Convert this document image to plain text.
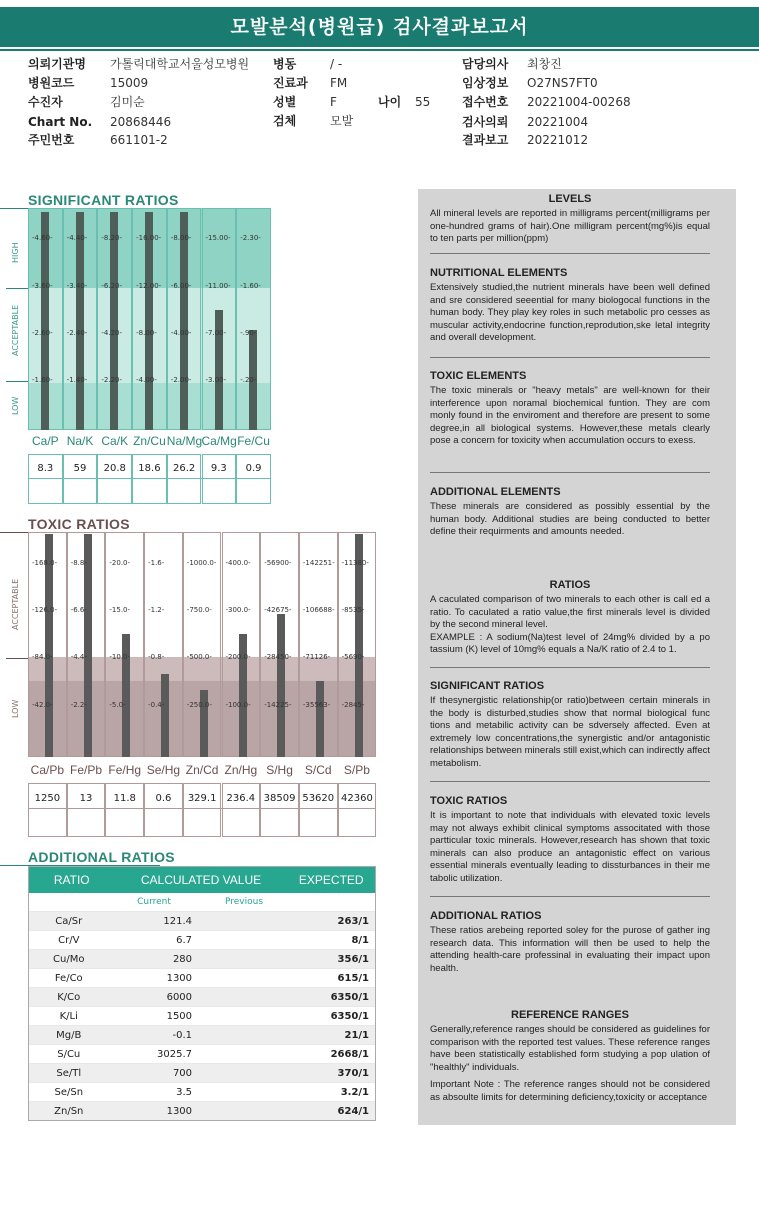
모발분석(병원급) 검사결과보고서
의뢰기관명 가톨릭대학교서울성모병원
병원코드	15009
수진자	김미순
Chart No. 20868446
주민번호	661101-2
병동	/ -
진료과 FM
성별	F	나이 55
검체	모발
담당의사 최창진
임상정보 O27NS7FT0
접수번호 20221004-00268
검사의뢰 20221004
결과보고 20221012
SIGNIFICANT RATIOS
HIGH
ACCEPTABLE
LOW
-4.60-
-3.60-
-2.60-
-1.60-
Ca/P
8.3
-4.40-
-3.40-
-2.40-
-1.40-
Na/K
59
-8.20-
-6.20-
-4.20-
-2.20-
Ca/K
20.8
-16.00-
-12.00-
-8.00-
-4.00-
Zn/Cu
18.6
-8.00-
-6.00-
-4.00-
-2.00-
Na/Mg
26.2
-15.00-
-11.00-
-7.00-
-3.00-
Ca/Mg
9.3
-2.30-
-1.60-
-.90-
-.20-
Fe/Cu
0.9
TOXIC RATIOS
ACCEPTABLE
LOW
-168.0-
-126.0-
-84.0-
-42.0-
Ca/Pb
1250
-8.8-
-6.6-
-4.4-
-2.2-
Fe/Pb
13
-20.0-
-15.0-
-10.0-
-5.0-
Fe/Hg
11.8
-1.6-
-1.2-
-0.8-
-0.4-
Se/Hg
0.6
-1000.0-
-750.0-
-500.0-
-250.0-
Zn/Cd
329.1
-400.0-
-300.0-
-200.0-
-100.0-
Zn/Hg
236.4
-56900-
-42675-
-28450-
-14225-
S/Hg
38509
-142251-
-106688-
-71126-
-35563-
S/Cd
53620
-11380-
-8535-
-5690-
-2845-
S/Pb
42360
ADDITIONAL RATIOS
RATIO	CALCULATED VALUE	EXPECTED
Current	Previous
Ca/Sr	121.4	263/1
Cr/V	6.7	8/1
Cu/Mo	280	356/1
Fe/Co	1300	615/1
K/Co	6000	6350/1
K/Li	1500	6350/1
Mg/B	-0.1	21/1
S/Cu	3025.7	2668/1
Se/Tl	700	370/1
Se/Sn	3.5	3.2/1
Zn/Sn	1300	624/1
LEVELS
All mineral levels are reported in milligrams percent(milligrams per one-hundred grams of hair).One milligram percent(mg%)is equal to ten parts per million(ppm)
NUTRITIONAL ELEMENTS
Extensively studied,the nutrient minerals have been well defined and sre considered seeential for many biologocal functions in the human body. They play key roles in such metabolic pro cesses as muscular activity,endocrine function,reprodution,ske letal integrity and overall development.
TOXIC ELEMENTS
The toxic minerals or "heavy metals" are well-known for their interference upon noramal biochemical funtion. They are com monly found in the enviroment and therefore are present to some degree,in all biological systems. However,these metals clearly pose a concern for toxicity when accumulation occurs to exess.
ADDITIONAL ELEMENTS
These minerals are considered as possibly essential by the human body. Additional studies are being conducted to better define their requirments and amounts needed.
RATIOS
A caculated comparison of two minerals to each other is call ed a ratio. To caculated a ratio value,the first minerals level is divided by the second mineral level.
EXAMPLE : A sodium(Na)test level of 24mg% divided by a po tassium (K) level of 10mg% equals a Na/K ratio of 2.4 to 1.
SIGNIFICANT RATIOS
If thesynergistic relationship(or ratio)between certain minerals in the body is disturbed,studies show that normal biological func tions and metabilic activity can be sdversely affected. Even at extremely low concentrations,the synergistic and/or antagonistic relationships between minerals still exist,which can indirectly affect metabolism.
TOXIC RATIOS
It is important to note that individuals with elevated toxic levels may not always exhibit clinical symptoms associtated with those partticular toxic minerals. However,research has shown that toxic minerals can also produce an antagonistic effect on various essential minerals eventually leading to dissturbances in their me tabolic utilization.
ADDITIONAL RATIOS
These ratios arebeing reported soley for the purose of gather ing research data. This information will then be used to help the attending health-care professinal in evaluating their impact upon health.
REFERENCE RANGES
Generally,reference ranges should be considered as guidelines for comparison with the reported test values. These reference ranges have been statistically established form studying a pop ulation of "healthly" individuals.
Important Note : The reference ranges should not be considered as absoulte limits for determining deficiency,toxicity or acceptance
